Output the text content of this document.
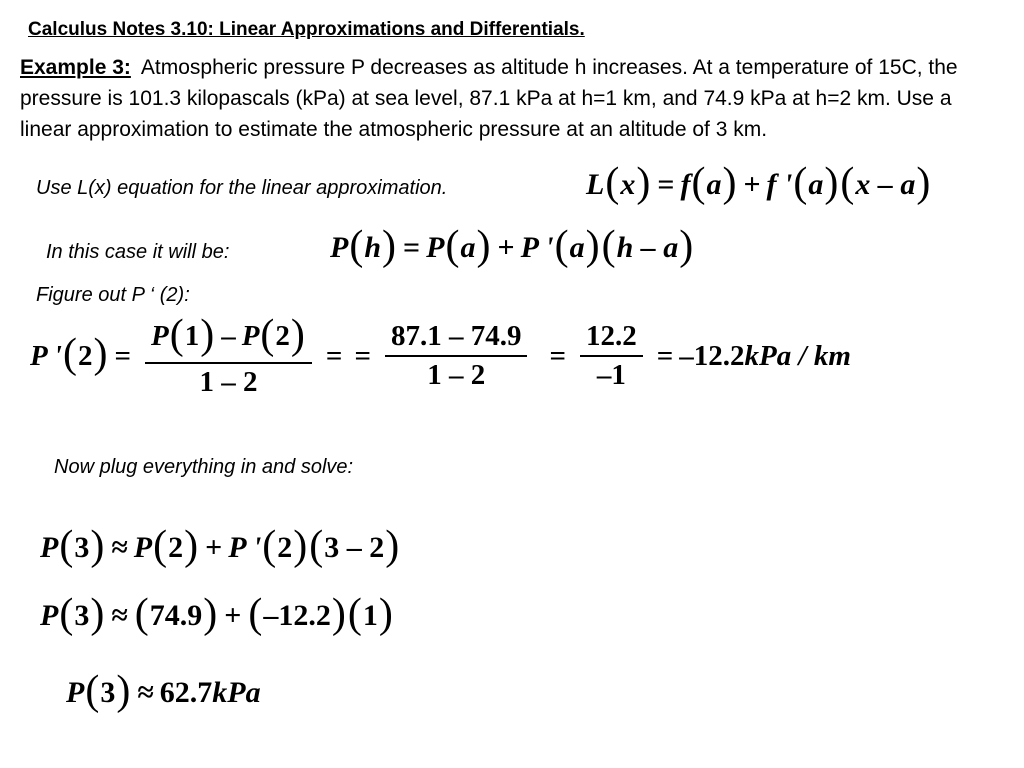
Calculus Notes 3.10: Linear Approximations and Differentials.
Example 3: Atmospheric pressure P decreases as altitude h increases. At a temperature of 15C, the pressure is 101.3 kilopascals (kPa) at sea level, 87.1 kPa at h=1 km, and 74.9 kPa at h=2 km. Use a linear approximation to estimate the atmospheric pressure at an altitude of 3 km.
Use L(x) equation for the linear approximation.	L ( x ) = f ( a ) + f ' ( a ) ( x – a )
In this case it will be:	P ( h ) = P ( a ) + P ' ( a ) ( h – a )
Figure out P ‘ (2):
P ' ( 2 ) = $\frac{P ( 1 ) - P ( 2 )}{1 - 2}$ = = $\frac{87.1 - 74.9}{1 - 2} = \frac{12.2}{-1} = -12.2$ kPa / km
Now plug everything in and solve:
P ( 3 ) ≈ P ( 2 ) + P ' ( 2 ) ( 3 – 2 )
P ( 3 ) ≈ ( 74.9 ) + ( –12.2 ) ( 1 )
P ( 3 ) ≈ 62.7 kPa
